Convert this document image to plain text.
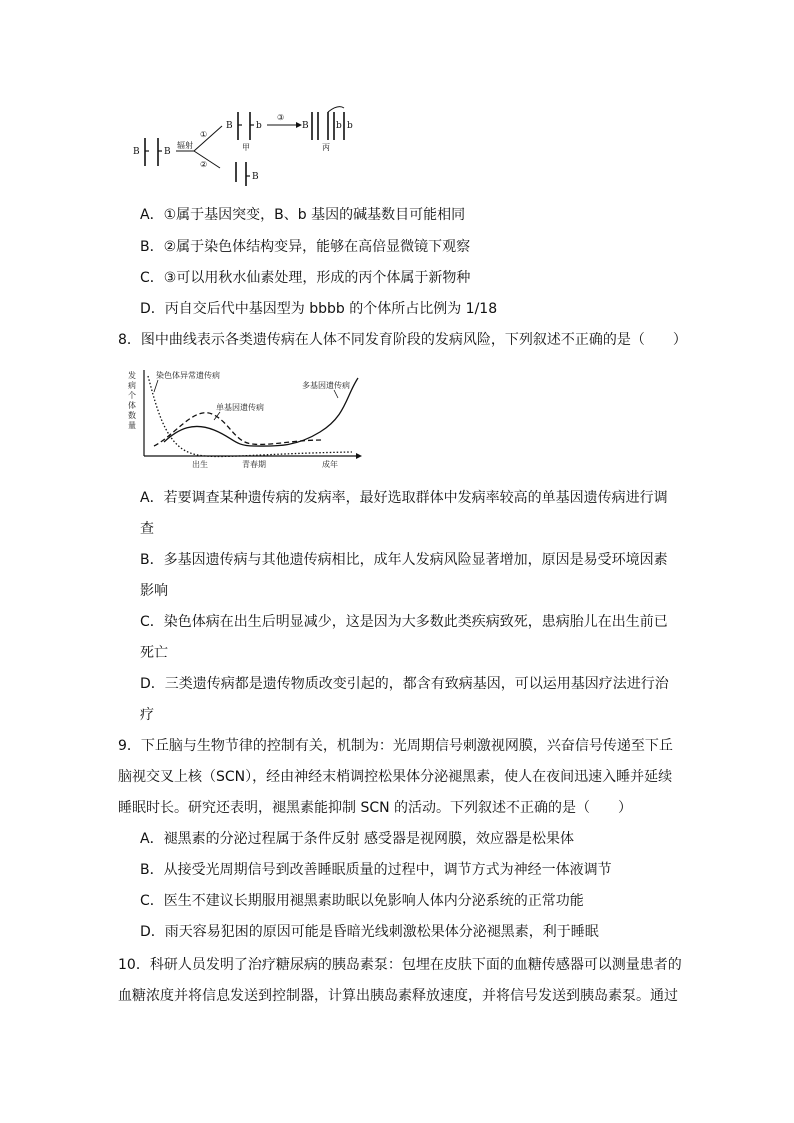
B	B
辐射
①
②
B	b
甲
③
B	b b
丙
B
A．①属于基因突变，B、b 基因的碱基数目可能相同
B．②属于染色体结构变异，能够在高倍显微镜下观察
C．③可以用秋水仙素处理，形成的丙个体属于新物种
D．丙自交后代中基因型为 bbbb 的个体所占比例为 1/18
8．图中曲线表示各类遗传病在人体不同发育阶段的发病风险，下列叙述不正确的是（　　）
发
病
个
体
数
量
染色体异常遗传病
单基因遗传病
多基因遗传病
出生	青春期	成年
A．若要调查某种遗传病的发病率，最好选取群体中发病率较高的单基因遗传病进行调
查
B．多基因遗传病与其他遗传病相比，成年人发病风险显著增加，原因是易受环境因素
影响
C．染色体病在出生后明显减少，这是因为大多数此类疾病致死，患病胎儿在出生前已
死亡
D．三类遗传病都是遗传物质改变引起的，都含有致病基因，可以运用基因疗法进行治
疗
9．下丘脑与生物节律的控制有关，机制为：光周期信号刺激视网膜，兴奋信号传递至下丘
脑视交叉上核（SCN），经由神经末梢调控松果体分泌褪黑素，使人在夜间迅速入睡并延续
睡眠时长。研究还表明，褪黑素能抑制 SCN 的活动。下列叙述不正确的是（　　）
A．褪黑素的分泌过程属于条件反射 感受器是视网膜，效应器是松果体
B．从接受光周期信号到改善睡眠质量的过程中，调节方式为神经一体液调节
C．医生不建议长期服用褪黑素助眠以免影响人体内分泌系统的正常功能
D．雨天容易犯困的原因可能是昏暗光线刺激松果体分泌褪黑素，利于睡眠
10．科研人员发明了治疗糖尿病的胰岛素泵：包埋在皮肤下面的血糖传感器可以测量患者的
血糖浓度并将信息发送到控制器，计算出胰岛素释放速度，并将信号发送到胰岛素泵。通过
